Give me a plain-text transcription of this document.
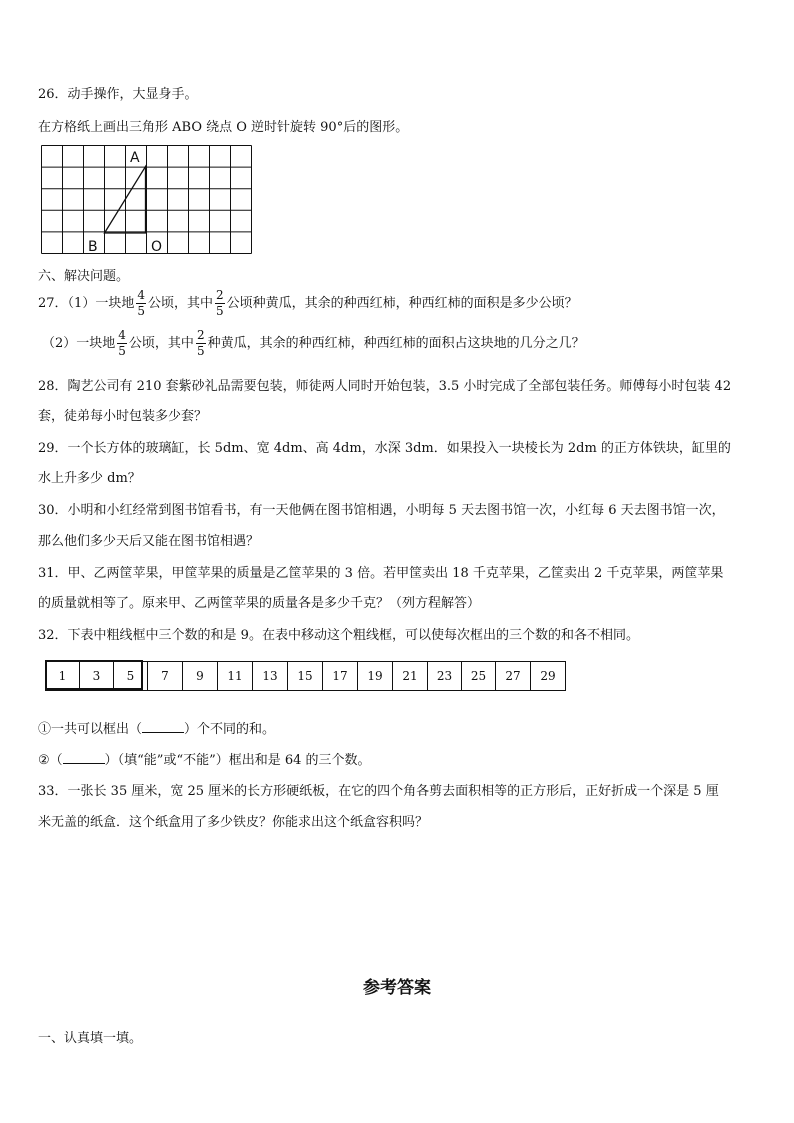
26．动手操作，大显身手。
在方格纸上画出三角形 ABO 绕点 O 逆时针旋转 90°后的图形。
A
B	O
六、解决问题。
27．（1）一块地 $\frac{4}{5}$ 公顷，其中 $\frac{2}{5}$ 公顷种黄瓜，其余的种西红柿，种西红柿的面积是多少公顷？
（2）一块地 $\frac{4}{5}$ 公顷，其中 $\frac{2}{5}$ 种黄瓜，其余的种西红柿，种西红柿的面积占这块地的几分之几？
28．陶艺公司有 210 套紫砂礼品需要包装，师徒两人同时开始包装，3.5 小时完成了全部包装任务。师傅每小时包装 42
套，徒弟每小时包装多少套？
29．一个长方体的玻璃缸，长 5dm、宽 4dm、高 4dm，水深 3dm．如果投入一块棱长为 2dm 的正方体铁块，缸里的
水上升多少 dm？
30．小明和小红经常到图书馆看书，有一天他俩在图书馆相遇，小明每 5 天去图书馆一次，小红每 6 天去图书馆一次，
那么他们多少天后又能在图书馆相遇？
31．甲、乙两筐苹果，甲筐苹果的质量是乙筐苹果的 3 倍。若甲筐卖出 18 千克苹果，乙筐卖出 2 千克苹果，两筐苹果
的质量就相等了。原来甲、乙两筐苹果的质量各是多少千克？（列方程解答）
32．下表中粗线框中三个数的和是 9。在表中移动这个粗线框，可以使每次框出的三个数的和各不相同。
1	3	5	7	9	11	13	15	17	19	21	23	25	27	29
①一共可以框出（	）个不同的和。
②（	）（填“能”或“不能”）框出和是 64 的三个数。
33．一张长 35 厘米，宽 25 厘米的长方形硬纸板，在它的四个角各剪去面积相等的正方形后，正好折成一个深是 5 厘
米无盖的纸盒．这个纸盒用了多少铁皮？你能求出这个纸盒容积吗？
参考答案
一、认真填一填。
